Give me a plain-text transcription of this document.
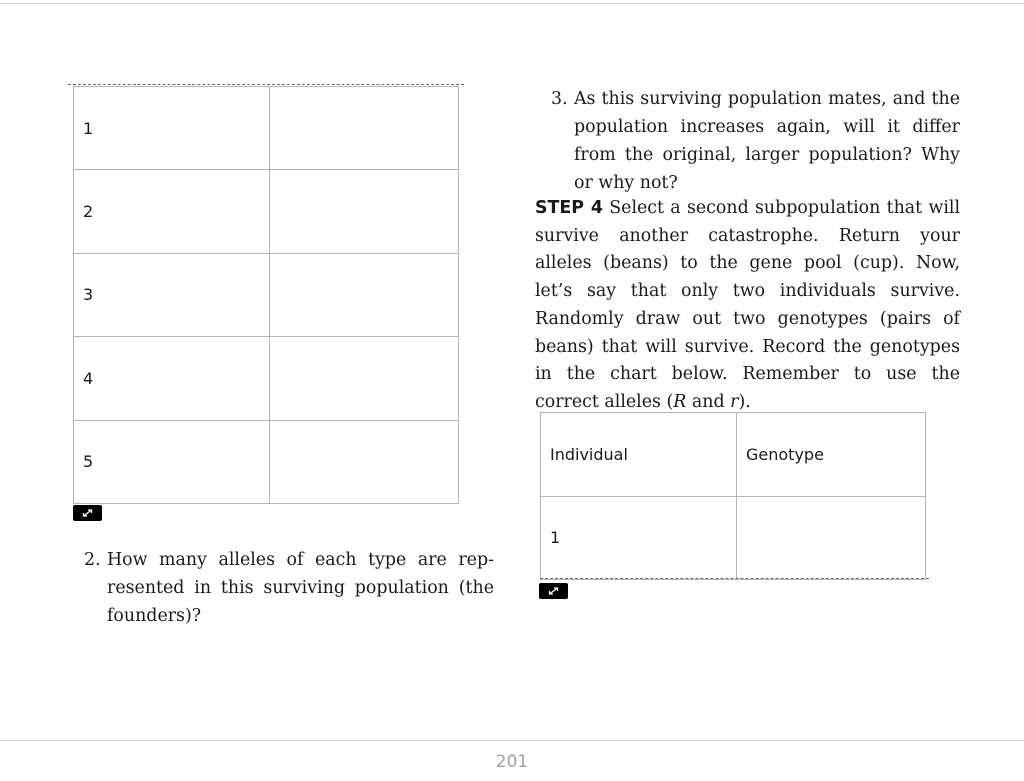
1	
2	
3	
4	
5	
2. How many alleles of each type are represented in this surviving population (the founders)?
3. As this surviving population mates, and the population increases again, will it differ from the original, larger population? Why or why not?

STEP 4 Select a second subpopulation that will survive another catastrophe. Return your alleles (beans) to the gene pool (cup). Now, let’s say that only two individuals survive. Randomly draw out two genotypes (pairs of beans) that will survive. Record the genotypes in the chart below. Remember to use the correct alleles (R and r).

Individual	Genotype
1	
201
